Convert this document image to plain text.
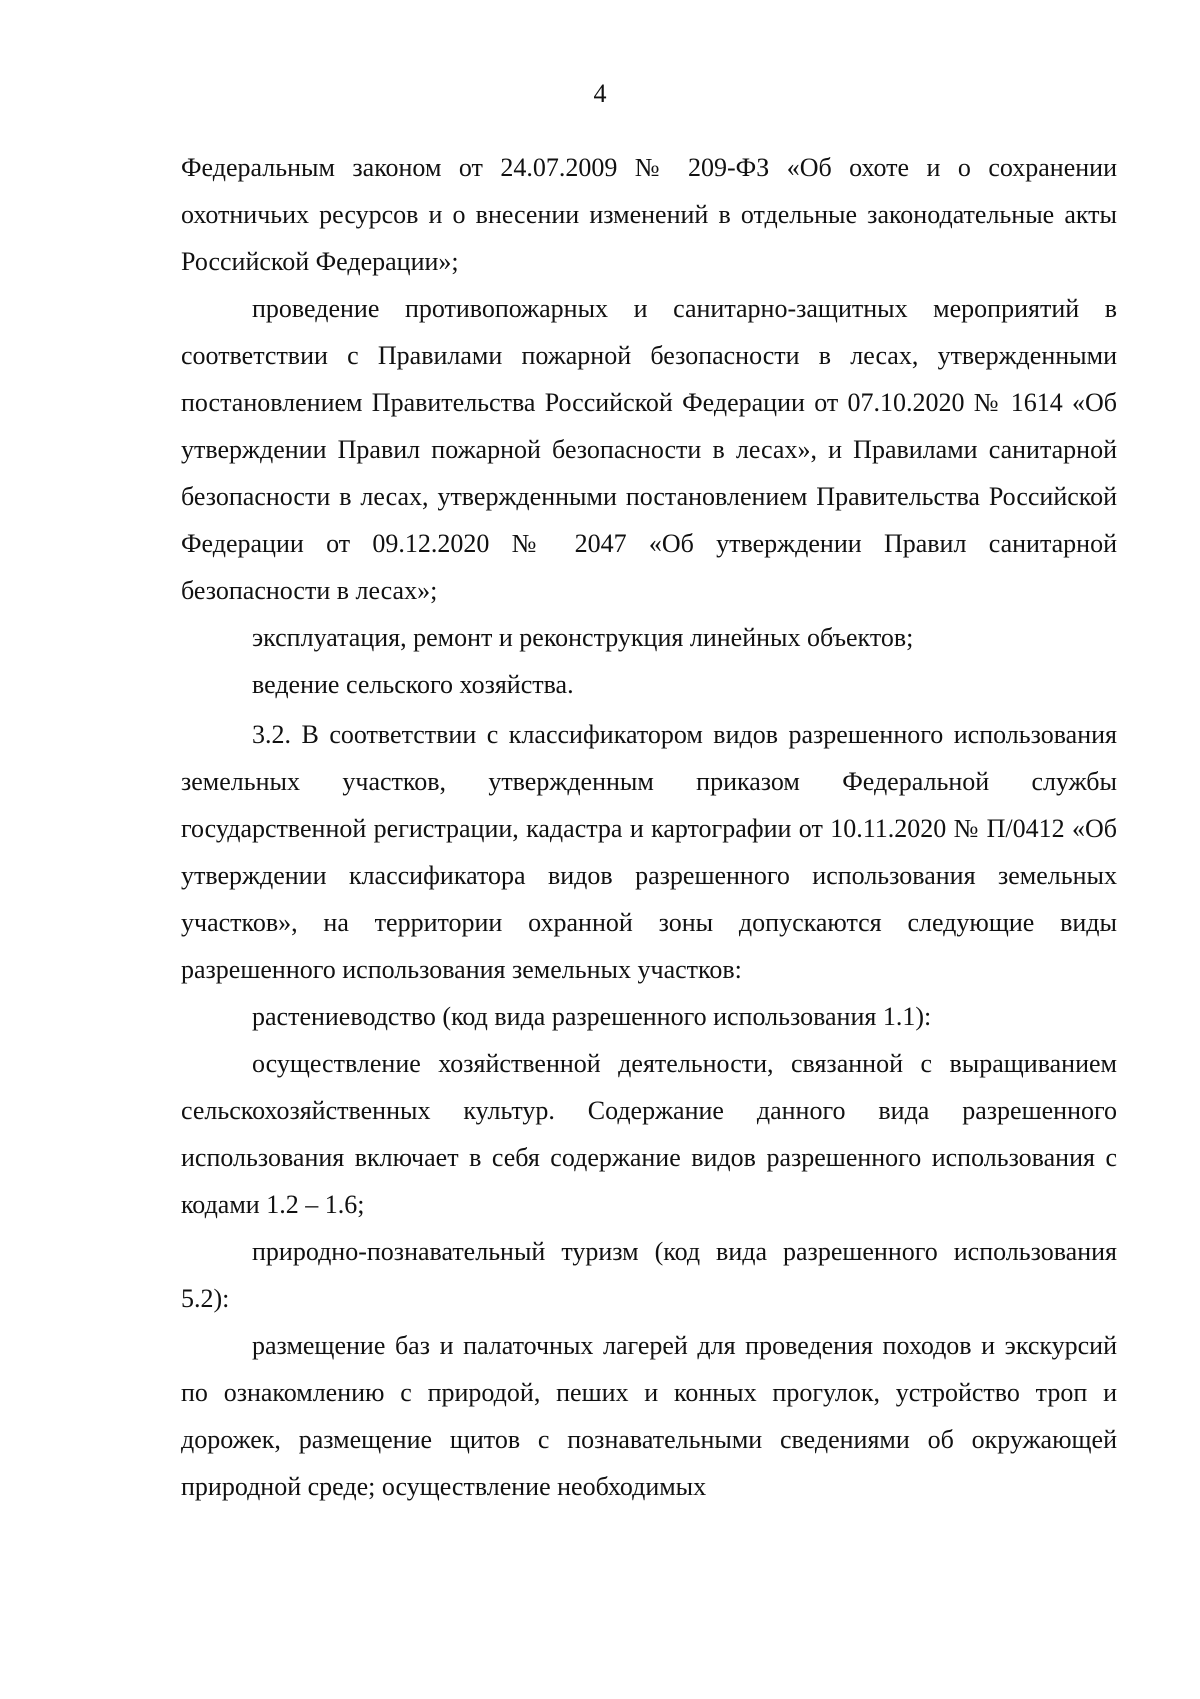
4

Федеральным законом от 24.07.2009 № 209-ФЗ «Об охоте и о сохранении охотничьих ресурсов и о внесении изменений в отдельные законодательные акты Российской Федерации»;

проведение противопожарных и санитарно-защитных мероприятий в соответствии с Правилами пожарной безопасности в лесах, утвержденными постановлением Правительства Российской Федерации от 07.10.2020 № 1614 «Об утверждении Правил пожарной безопасности в лесах», и Правилами санитарной безопасности в лесах, утвержденными постановлением Правительства Российской Федерации от 09.12.2020 № 2047 «Об утверждении Правил санитарной безопасности в лесах»;

эксплуатация, ремонт и реконструкция линейных объектов;

ведение сельского хозяйства.

3.2. В соответствии с классификатором видов разрешенного использования земельных участков, утвержденным приказом Федеральной службы государственной регистрации, кадастра и картографии от 10.11.2020 № П/0412 «Об утверждении классификатора видов разрешенного использования земельных участков», на территории охранной зоны допускаются следующие виды разрешенного использования земельных участков:

растениеводство (код вида разрешенного использования 1.1):

осуществление хозяйственной деятельности, связанной с выращиванием сельскохозяйственных культур. Содержание данного вида разрешенного использования включает в себя содержание видов разрешенного использования с кодами 1.2 – 1.6;

природно-познавательный туризм (код вида разрешенного использования 5.2):

размещение баз и палаточных лагерей для проведения походов и экскурсий по ознакомлению с природой, пеших и конных прогулок, устройство троп и дорожек, размещение щитов с познавательными сведениями об окружающей природной среде; осуществление необходимых
